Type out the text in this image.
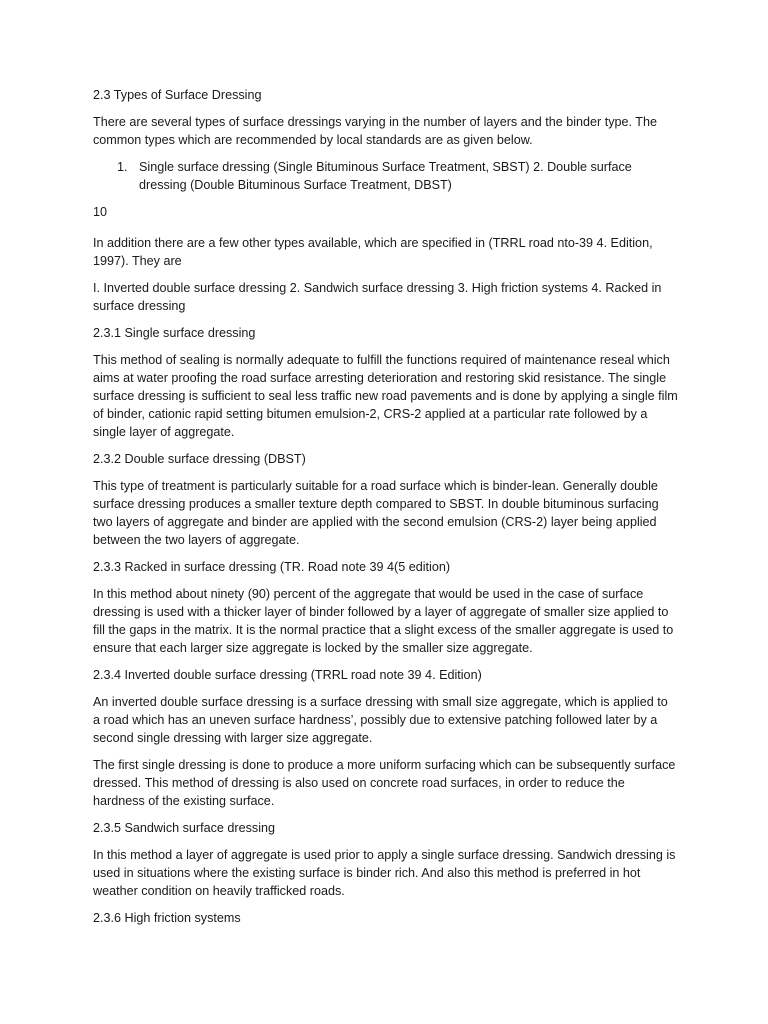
2.3 Types of Surface Dressing

There are several types of surface dressings varying in the number of layers and the binder type. The common types which are recommended by local standards are as given below.

1. Single surface dressing (Single Bituminous Surface Treatment, SBST) 2. Double surface dressing (Double Bituminous Surface Treatment, DBST)
10

In addition there are a few other types available, which are specified in (TRRL road nto-39 4. Edition, 1997). They are

I. Inverted double surface dressing 2. Sandwich surface dressing 3. High friction systems 4. Racked in surface dressing

2.3.1 Single surface dressing

This method of sealing is normally adequate to fulfill the functions required of maintenance reseal which aims at water proofing the road surface arresting deterioration and restoring skid resistance. The single surface dressing is sufficient to seal less traffic new road pavements and is done by applying a single film of binder, cationic rapid setting bitumen emulsion-2, CRS-2 applied at a particular rate followed by a single layer of aggregate.

2.3.2 Double surface dressing (DBST)

This type of treatment is particularly suitable for a road surface which is binder-lean. Generally double surface dressing produces a smaller texture depth compared to SBST. In double bituminous surfacing two layers of aggregate and binder are applied with the second emulsion (CRS-2) layer being applied between the two layers of aggregate.

2.3.3 Racked in surface dressing (TR. Road note 39 4(5 edition)

In this method about ninety (90) percent of the aggregate that would be used in the case of surface dressing is used with a thicker layer of binder followed by a layer of aggregate of smaller size applied to fill the gaps in the matrix. It is the normal practice that a slight excess of the smaller aggregate is used to ensure that each larger size aggregate is locked by the smaller size aggregate.

2.3.4 Inverted double surface dressing (TRRL road note 39 4. Edition)

An inverted double surface dressing is a surface dressing with small size aggregate, which is applied to a road which has an uneven surface hardness’, possibly due to extensive patching followed later by a second single dressing with larger size aggregate.

The first single dressing is done to produce a more uniform surfacing which can be subsequently surface dressed. This method of dressing is also used on concrete road surfaces, in order to reduce the hardness of the existing surface.

2.3.5 Sandwich surface dressing

In this method a layer of aggregate is used prior to apply a single surface dressing. Sandwich dressing is used in situations where the existing surface is binder rich. And also this method is preferred in hot weather condition on heavily trafficked roads.

2.3.6 High friction systems
